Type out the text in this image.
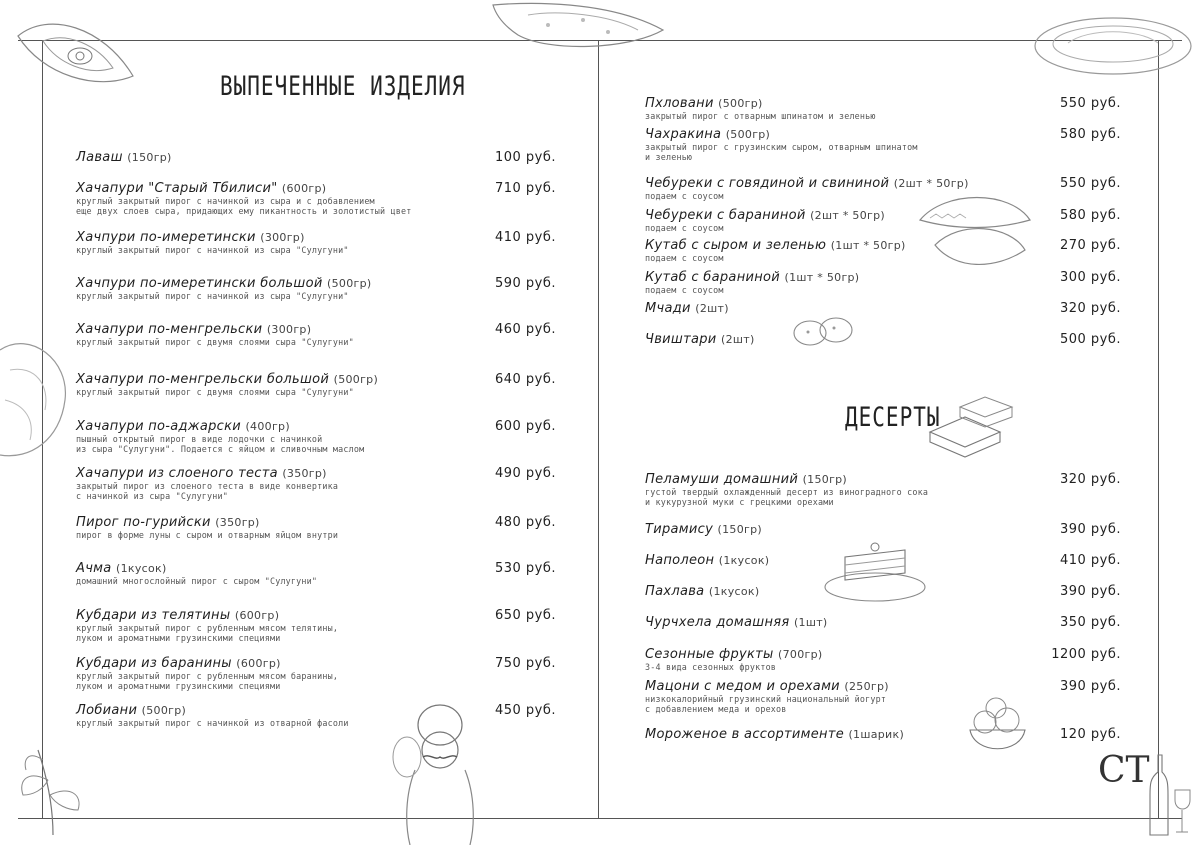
CT
ВЫПЕЧЕННЫЕ ИЗДЕЛИЯ
Лаваш (150гр)	100 руб.
Хачапури "Старый Тбилиси" (600гр)	710 руб.
круглый закрытый пирог с начинкой из сыра и с добавлением
еще двух слоев сыра, придающих ему пикантность и золотистый цвет
Хачпури по-имеретински (300гр)	410 руб.
круглый закрытый пирог с начинкой из сыра "Сулугуни"
Хачпури по-имеретински большой (500гр)	590 руб.
круглый закрытый пирог с начинкой из сыра "Сулугуни"
Хачапури по-менгрельски (300гр)	460 руб.
круглый закрытый пирог с двумя слоями сыра "Сулугуни"
Хачапури по-менгрельски большой (500гр)	640 руб.
круглый закрытый пирог с двумя слоями сыра "Сулугуни"
Хачапури по-аджарски (400гр)	600 руб.
пышный открытый пирог в виде лодочки с начинкой
из сыра "Сулугуни". Подается с яйцом и сливочным маслом
Хачапури из слоеного теста (350гр)	490 руб.
закрытый пирог из слоеного теста в виде конвертика
с начинкой из сыра "Сулугуни"
Пирог по-гурийски (350гр)	480 руб.
пирог в форме луны с сыром и отварным яйцом внутри
Ачма (1кусок)	530 руб.
домашний многослойный пирог с сыром "Сулугуни"
Кубдари из телятины (600гр)	650 руб.
круглый закрытый пирог с рубленным мясом телятины,
луком и ароматными грузинскими специями
Кубдари из баранины (600гр)	750 руб.
круглый закрытый пирог с рубленным мясом баранины,
луком и ароматными грузинскими специями
Лобиани (500гр)	450 руб.
круглый закрытый пирог с начинкой из отварной фасоли
Пхловани (500гр)	550 руб.
закрытый пирог с отварным шпинатом и зеленью
Чахракина (500гр)	580 руб.
закрытый пирог с грузинским сыром, отварным шпинатом
и зеленью
Чебуреки с говядиной и свининой (2шт * 50гр)	550 руб.
подаем с соусом
Чебуреки с бараниной (2шт * 50гр)	580 руб.
подаем с соусом
Кутаб с сыром и зеленью (1шт * 50гр)	270 руб.
подаем с соусом
Кутаб с бараниной (1шт * 50гр)	300 руб.
подаем с соусом
Мчади (2шт)	320 руб.
Чвиштари (2шт)	500 руб.
ДЕСЕРТЫ
Пеламуши домашний (150гр)	320 руб.
густой твердый охлажденный десерт из виноградного сока
и кукурузной муки с грецкими орехами
Тирамису (150гр)	390 руб.
Наполеон (1кусок)	410 руб.
Пахлава (1кусок)	390 руб.
Чурчхела домашняя (1шт)	350 руб.
Сезонные фрукты (700гр)	1200 руб.
3-4 вида сезонных фруктов
Мацони с медом и орехами (250гр)	390 руб.
низкокалорийный грузинский национальный йогурт
с добавлением меда и орехов
Мороженое в ассортименте (1шарик)	120 руб.
